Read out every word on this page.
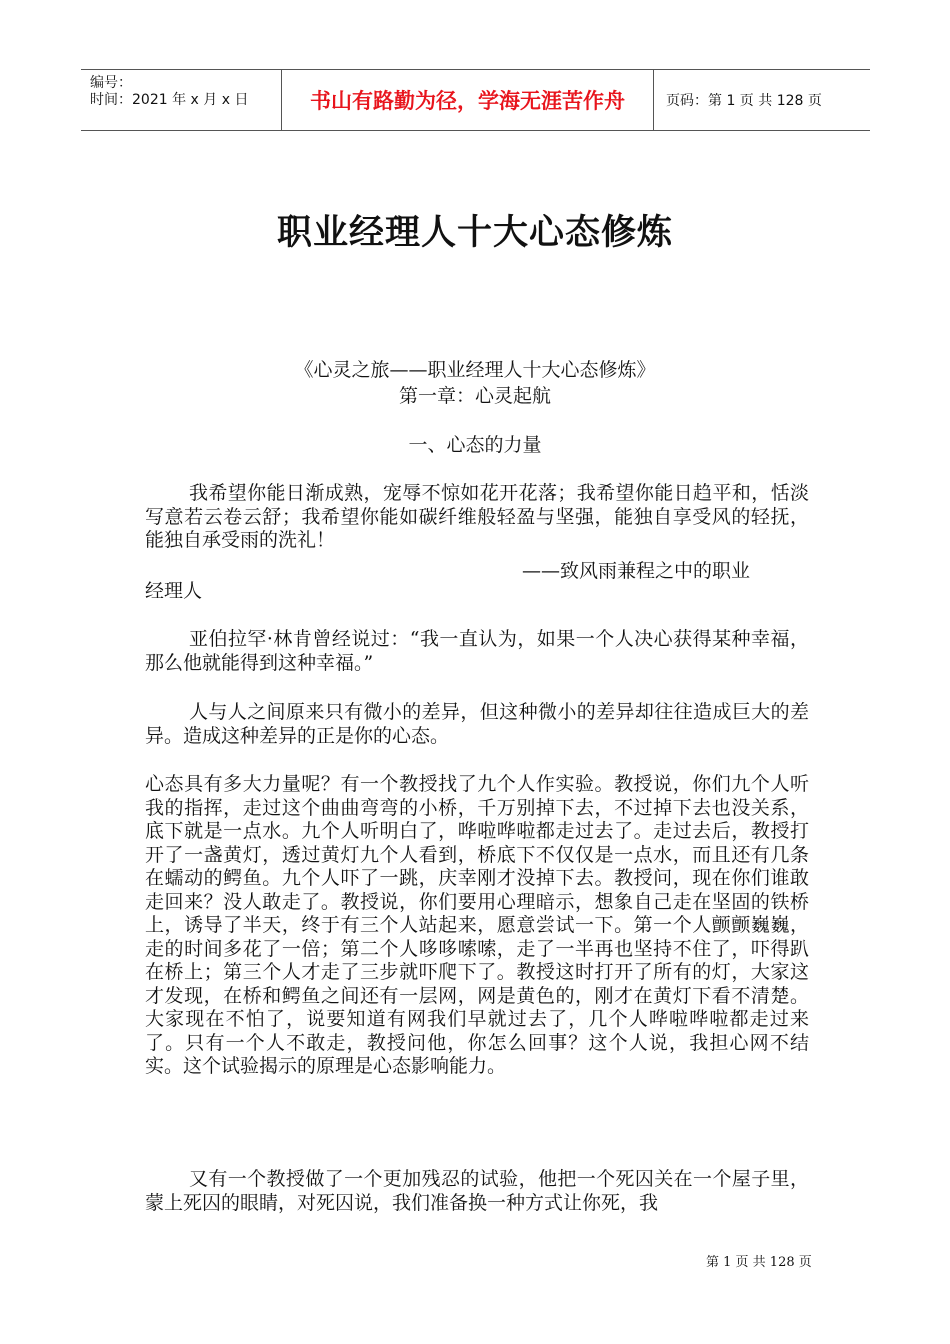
编号：
时间：2021 年 x 月 x 日	书山有路勤为径，学海无涯苦作舟	页码：第 1 页 共 128 页
职业经理人十大心态修炼
《心灵之旅——职业经理人十大心态修炼》
第一章：心灵起航
一、心态的力量
我希望你能日渐成熟，宠辱不惊如花开花落；我希望你能日趋平和，恬淡写意若云卷云舒；我希望你能如碳纤维般轻盈与坚强，能独自享受风的轻抚，能独自承受雨的洗礼！
——致风雨兼程之中的职业
经理人
亚伯拉罕·林肯曾经说过：“我一直认为，如果一个人决心获得某种幸福，那么他就能得到这种幸福。”
人与人之间原来只有微小的差异，但这种微小的差异却往往造成巨大的差异。造成这种差异的正是你的心态。
心态具有多大力量呢？有一个教授找了九个人作实验。教授说，你们九个人听我的指挥，走过这个曲曲弯弯的小桥，千万别掉下去，不过掉下去也没关系，底下就是一点水。九个人听明白了，哗啦哗啦都走过去了。走过去后，教授打开了一盏黄灯，透过黄灯九个人看到，桥底下不仅仅是一点水，而且还有几条在蠕动的鳄鱼。九个人吓了一跳，庆幸刚才没掉下去。教授问，现在你们谁敢走回来？没人敢走了。教授说，你们要用心理暗示，想象自己走在坚固的铁桥上，诱导了半天，终于有三个人站起来，愿意尝试一下。第一个人颤颤巍巍，走的时间多花了一倍；第二个人哆哆嗦嗦，走了一半再也坚持不住了，吓得趴在桥上；第三个人才走了三步就吓爬下了。教授这时打开了所有的灯，大家这才发现，在桥和鳄鱼之间还有一层网，网是黄色的，刚才在黄灯下看不清楚。大家现在不怕了，说要知道有网我们早就过去了，几个人哗啦哗啦都走过来了。只有一个人不敢走，教授问他，你怎么回事？这个人说，我担心网不结实。这个试验揭示的原理是心态影响能力。
又有一个教授做了一个更加残忍的试验，他把一个死囚关在一个屋子里，蒙上死囚的眼睛，对死囚说，我们准备换一种方式让你死，我
第 1 页 共 128 页
